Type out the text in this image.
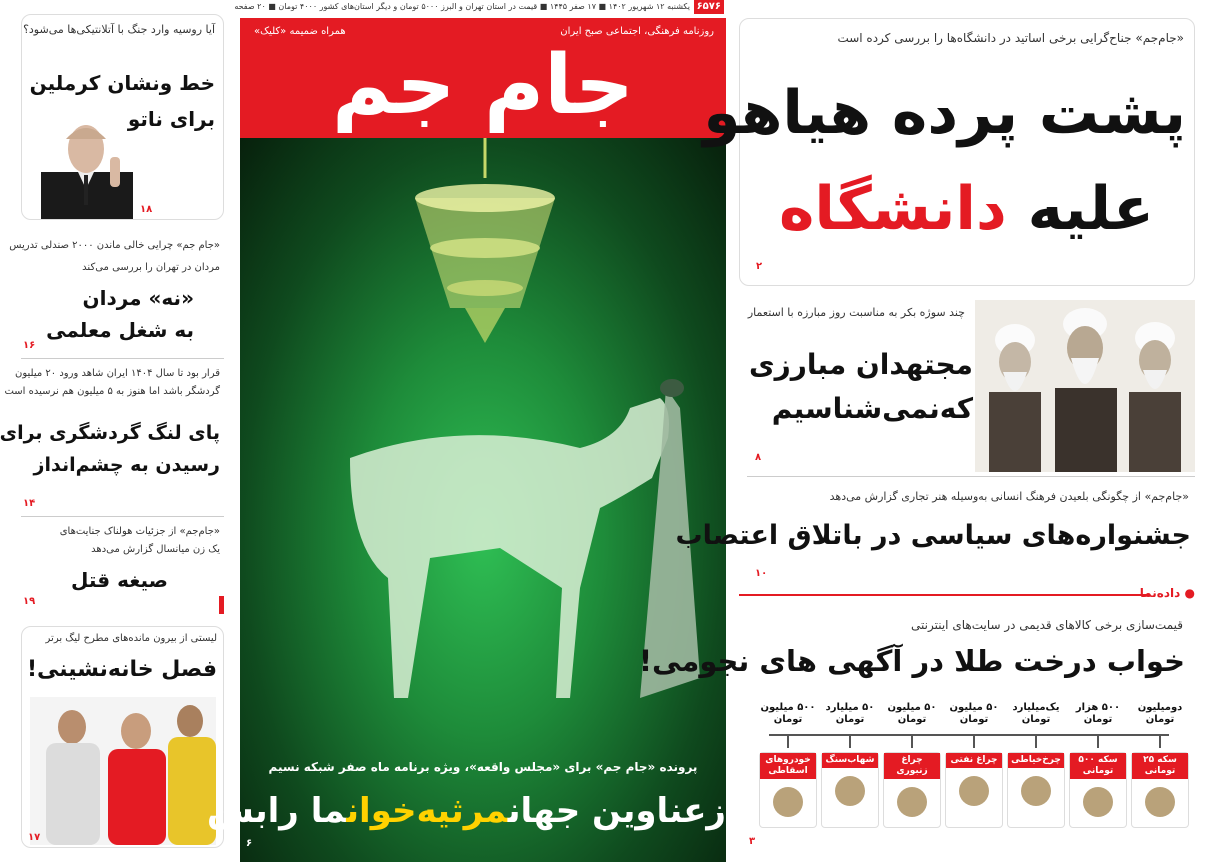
آیا روسیه وارد جنگ با آتلانتیکی‌ها می‌شود؟
خط ونشان کرملین
برای ناتو
۱۸
«جام جم» چرایی خالی ماندن ۲۰۰۰ صندلی تدریس
مردان در تهران را بررسی می‌کند
«نه» مردان
به شغل معلمی
۱۶
قرار بود تا سال ۱۴۰۴ ایران شاهد ورود ۲۰ میلیون
گردشگر باشد اما هنوز به ۵ میلیون هم نرسیده است
پای لنگ گردشگری برای
رسیدن به چشم‌انداز
۱۴
«جام‌جم» از جزئیات هولناک جنایت‌های
یک زن میانسال گزارش می‌دهد
صیغه قتل
۱۹
لیستی از بیرون مانده‌های مطرح لیگ برتر
فصل خانه‌نشینی!
۱۷
۶۵۷۶
یکشنبه ۱۲ شهریور ۱۴۰۲ ■ ۱۷ صفر ۱۴۴۵ ■ قیمت در استان تهران و البرز ۵۰۰۰ تومان و دیگر استان‌های کشور ۴۰۰۰ تومان ■ ۲۰ صفحه
روزنامه فرهنگی، اجتماعی صبح ایران
همراه ضمیمه «کلیک»
جام جم
پرونده «جام جم» برای «مجلس واقعه»، ویژه برنامه ماه صفر شبکه نسیم
زعناوین جهانمرثیه‌خوانما رابس
۶
«جام‌جم» جناح‌گرایی برخی اساتید در دانشگاه‌ها را بررسی کرده است
پشت پرده هیاهو
علیه دانشگاه
۲
چند سوژه بکر به مناسبت روز مبارزه با استعمار
مجتهدان مبارزی
که‌نمی‌شناسیم
۸
«جام‌جم» از چگونگی بلعیدن فرهنگ انسانی به‌وسیله هنر تجاری گزارش می‌دهد
جشنواره‌های سیاسی در باتلاق اعتصاب
۱۰
● داده‌نما
قیمت‌سازی برخی کالاهای قدیمی در سایت‌های اینترنتی
خواب درخت طلا در آگهی های نجومی!
دومیلیون تومان
سکه ۲۵ تومانی
۵۰۰ هزار تومان
سکه ۵۰۰ تومانی
یک‌میلیارد تومان
چرخ‌خیاطی
۵۰ میلیون تومان
چراغ نفتی
۵۰ میلیون تومان
چراغ زنبوری
۵۰ میلیارد تومان
شهاب‌سنگ
۵۰۰ میلیون تومان
خودروهای اسقاطی
۳
